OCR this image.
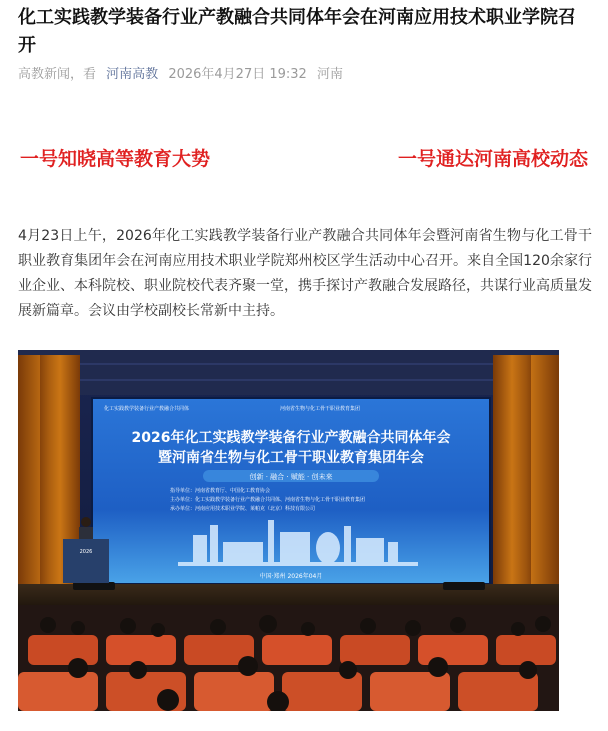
化工实践教学装备行业产教融合共同体年会在河南应用技术职业学院召开
高教新闻，看 河南高教 2026年4月27日 19:32 河南
一号知晓高等教育大势	一号通达河南高校动态
4月23日上午，2026年化工实践教学装备行业产教融合共同体年会暨河南省生物与化工骨干职业教育集团年会在河南应用技术职业学院郑州校区学生活动中心召开。来自全国120余家行业企业、本科院校、职业院校代表齐聚一堂，携手探讨产教融合发展路径，共谋行业高质量发展新篇章。会议由学校副校长常新中主持。
化工实践教学装备行业产教融合共同体	河南省生物与化工骨干职业教育集团
2026年化工实践教学装备行业产教融合共同体年会
暨河南省生物与化工骨干职业教育集团年会
创新 · 融合 · 赋能 · 创未来
指导单位：河南省教育厅、中国化工教育协会
主办单位：化工实践教学装备行业产教融合共同体、河南省生物与化工骨干职业教育集团
承办单位：河南应用技术职业学院、莱帕克（北京）科技有限公司
中国·郑州 2026年04月
2026
